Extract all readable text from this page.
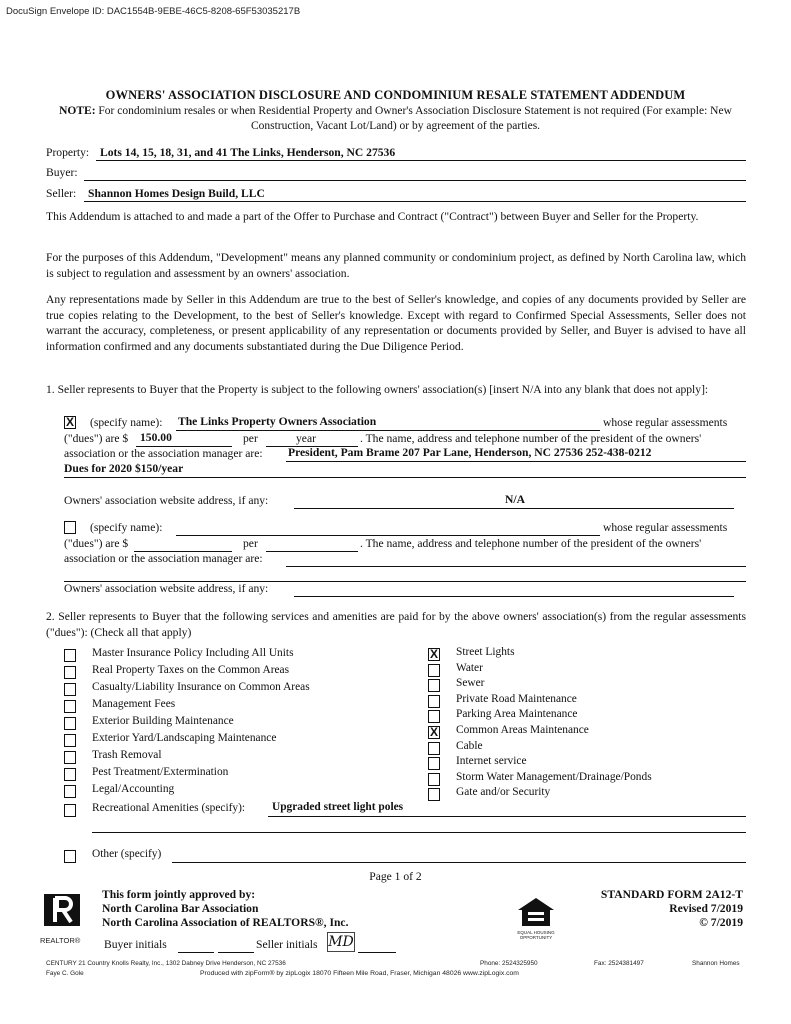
DocuSign Envelope ID: DAC1554B-9EBE-46C5-8208-65F53035217B
OWNERS' ASSOCIATION DISCLOSURE AND CONDOMINIUM RESALE STATEMENT ADDENDUM
NOTE: For condominium resales or when Residential Property and Owner's Association Disclosure Statement is not required (For example: New Construction, Vacant Lot/Land) or by agreement of the parties.
Property: Lots 14, 15, 18, 31, and 41 The Links, Henderson, NC 27536
Buyer:
Seller: Shannon Homes Design Build, LLC
This Addendum is attached to and made a part of the Offer to Purchase and Contract ("Contract") between Buyer and Seller for the Property.
For the purposes of this Addendum, "Development" means any planned community or condominium project, as defined by North Carolina law, which is subject to regulation and assessment by an owners' association.
Any representations made by Seller in this Addendum are true to the best of Seller's knowledge, and copies of any documents provided by Seller are true copies relating to the Development, to the best of Seller's knowledge. Except with regard to Confirmed Special Assessments, Seller does not warrant the accuracy, completeness, or present applicability of any representation or documents provided by Seller, and Buyer is advised to have all information confirmed and any documents substantiated during the Due Diligence Period.
1. Seller represents to Buyer that the Property is subject to the following owners' association(s) [insert N/A into any blank that does not apply]:
X (specify name): The Links Property Owners Association	whose regular assessments
("dues") are $ 150.00	per	year	. The name, address and telephone number of the president of the owners'
association or the association manager are: President, Pam Brame 207 Par Lane, Henderson, NC 27536 252-438-0212
Dues for 2020 $150/year
Owners' association website address, if any:	N/A
(specify name):	whose regular assessments
("dues") are $	per	. The name, address and telephone number of the president of the owners'
association or the association manager are:
Owners' association website address, if any:
2. Seller represents to Buyer that the following services and amenities are paid for by the above owners' association(s) from the regular assessments ("dues"): (Check all that apply)
Master Insurance Policy Including All Units
Real Property Taxes on the Common Areas
Casualty/Liability Insurance on Common Areas
Management Fees
Exterior Building Maintenance
Exterior Yard/Landscaping Maintenance
Trash Removal
Pest Treatment/Extermination
Legal/Accounting
X Street Lights
Water
Sewer
Private Road Maintenance
Parking Area Maintenance
X Common Areas Maintenance
Cable
Internet service
Storm Water Management/Drainage/Ponds
Gate and/or Security
Recreational Amenities (specify): Upgraded street light poles
Other (specify)
Page 1 of 2
REALTOR®
This form jointly approved by:
North Carolina Bar Association
North Carolina Association of REALTORS®, Inc.
Buyer initials	Seller initials MD
EQUAL HOUSING OPPORTUNITY
STANDARD FORM 2A12-T
Revised 7/2019
© 7/2019
CENTURY 21 Country Knolls Realty, Inc., 1302 Dabney Drive Henderson, NC 27536
Faye C. Gole
Phone: 2524325950	Fax: 2524381497	Shannon Homes
Produced with zipForm® by zipLogix 18070 Fifteen Mile Road, Fraser, Michigan 48026 www.zipLogix.com
